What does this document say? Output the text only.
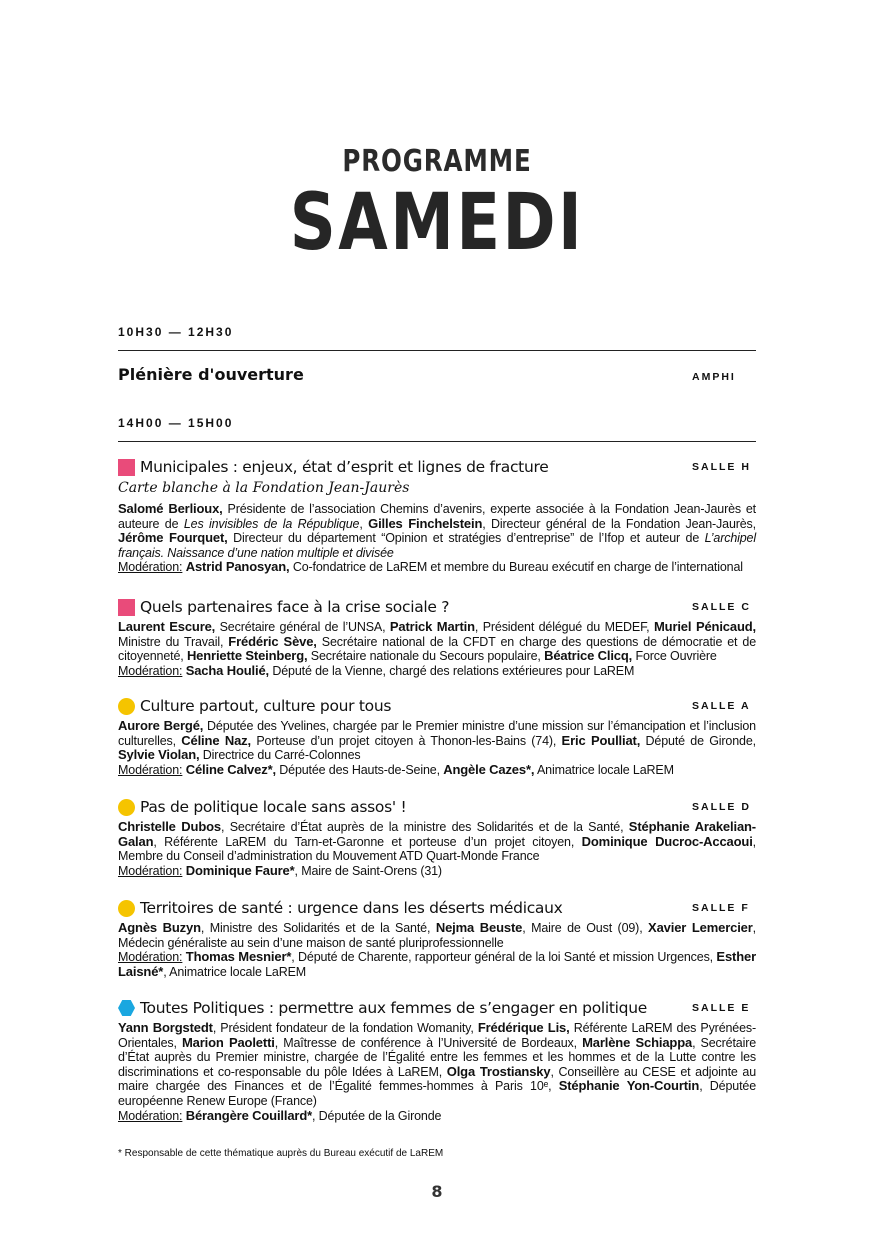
PROGRAMME
SAMEDI
10H30 — 12H30
Plénière d'ouverture	AMPHI
14H00 — 15H00
Municipales : enjeux, état d’esprit et lignes de fracture	SALLE H
Carte blanche à la Fondation Jean-Jaurès
Salomé Berlioux, Présidente de l’association Chemins d’avenirs, experte associée à la Fondation Jean-Jaurès et auteure de Les invisibles de la République, Gilles Finchelstein, Directeur général de la Fondation Jean-Jaurès, Jérôme Fourquet, Directeur du département “Opinion et stratégies d’entreprise” de l’Ifop et auteur de L’archipel français. Naissance d’une nation multiple et divisée
Modération: Astrid Panosyan, Co-fondatrice de LaREM et membre du Bureau exécutif en charge de l’international
Quels partenaires face à la crise sociale ?	SALLE C
Laurent Escure, Secrétaire général de l’UNSA, Patrick Martin, Président délégué du MEDEF, Muriel Pénicaud, Ministre du Travail, Frédéric Sève, Secrétaire national de la CFDT en charge des questions de démocratie et de citoyenneté, Henriette Steinberg, Secrétaire nationale du Secours populaire, Béatrice Clicq, Force Ouvrière
Modération: Sacha Houlié, Député de la Vienne, chargé des relations extérieures pour LaREM
Culture partout, culture pour tous	SALLE A
Aurore Bergé, Députée des Yvelines, chargée par le Premier ministre d’une mission sur l’émancipation et l’inclusion culturelles, Céline Naz, Porteuse d’un projet citoyen à Thonon-les-Bains (74), Eric Poulliat, Député de Gironde, Sylvie Violan, Directrice du Carré-Colonnes
Modération: Céline Calvez*, Députée des Hauts-de-Seine, Angèle Cazes*, Animatrice locale LaREM
Pas de politique locale sans assos' !	SALLE D
Christelle Dubos, Secrétaire d’État auprès de la ministre des Solidarités et de la Santé, Stéphanie Arakelian-Galan, Référente LaREM du Tarn-et-Garonne et porteuse d’un projet citoyen, Dominique Ducroc-Accaoui, Membre du Conseil d’administration du Mouvement ATD Quart-Monde France
Modération: Dominique Faure*, Maire de Saint-Orens (31)
Territoires de santé : urgence dans les déserts médicaux	SALLE F
Agnès Buzyn, Ministre des Solidarités et de la Santé, Nejma Beuste, Maire de Oust (09), Xavier Lemercier, Médecin généraliste au sein d’une maison de santé pluriprofessionnelle
Modération: Thomas Mesnier*, Député de Charente, rapporteur général de la loi Santé et mission Urgences, Esther Laisné*, Animatrice locale LaREM
Toutes Politiques : permettre aux femmes de s’engager en politique	SALLE E
Yann Borgstedt, Président fondateur de la fondation Womanity, Frédérique Lis, Référente LaREM des Pyrénées-Orientales, Marion Paoletti, Maîtresse de conférence à l’Université de Bordeaux, Marlène Schiappa, Secrétaire d’État auprès du Premier ministre, chargée de l’Égalité entre les femmes et les hommes et de la Lutte contre les discriminations et co-responsable du pôle Idées à LaREM, Olga Trostiansky, Conseillère au CESE et adjointe au maire chargée des Finances et de l’Égalité femmes-hommes à Paris 10ᵉ, Stéphanie Yon-Courtin, Députée européenne Renew Europe (France)
Modération: Bérangère Couillard*, Députée de la Gironde
* Responsable de cette thématique auprès du Bureau exécutif de LaREM
8
